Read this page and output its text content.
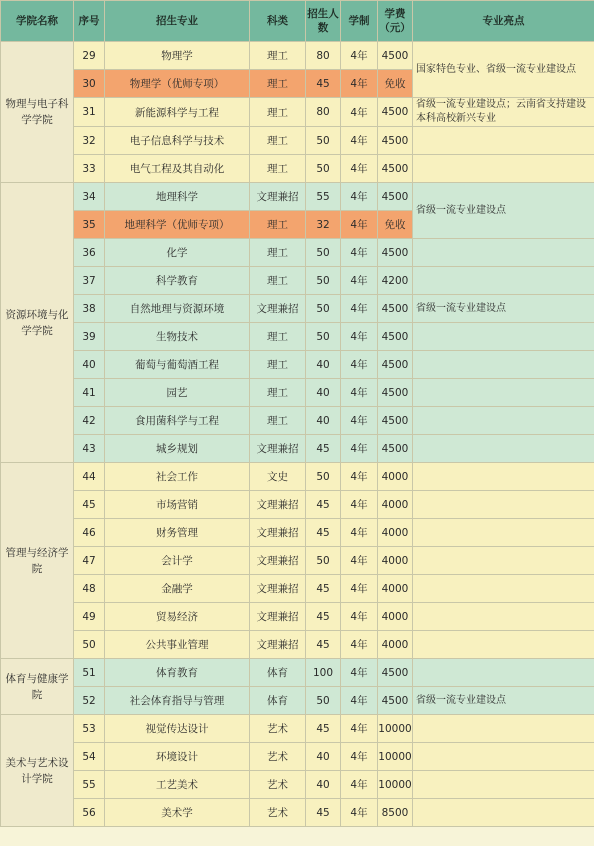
学院名称	序号	招生专业	科类	招生人数	学制	学费（元）	专业亮点
物理与电子科学学院	29	物理学	理工	80	4年	4500	国家特色专业、省级一流专业建设点
	30	物理学（优师专项）	理工	45	4年	免收	
	31	新能源科学与工程	理工	80	4年	4500	省级一流专业建设点；云南省支持建设本科高校新兴专业
	32	电子信息科学与技术	理工	50	4年	4500	
	33	电气工程及其自动化	理工	50	4年	4500	
资源环境与化学学院	34	地理科学	文理兼招	55	4年	4500	省级一流专业建设点
	35	地理科学（优师专项）	理工	32	4年	免收	
	36	化学	理工	50	4年	4500	
	37	科学教育	理工	50	4年	4200	
	38	自然地理与资源环境	文理兼招	50	4年	4500	省级一流专业建设点
	39	生物技术	理工	50	4年	4500	
	40	葡萄与葡萄酒工程	理工	40	4年	4500	
	41	园艺	理工	40	4年	4500	
	42	食用菌科学与工程	理工	40	4年	4500	
	43	城乡规划	文理兼招	45	4年	4500	
管理与经济学院	44	社会工作	文史	50	4年	4000	
	45	市场营销	文理兼招	45	4年	4000	
	46	财务管理	文理兼招	45	4年	4000	
	47	会计学	文理兼招	50	4年	4000	
	48	金融学	文理兼招	45	4年	4000	
	49	贸易经济	文理兼招	45	4年	4000	
	50	公共事业管理	文理兼招	45	4年	4000	
体育与健康学院	51	体育教育	体育	100	4年	4500	
	52	社会体育指导与管理	体育	50	4年	4500	省级一流专业建设点
美术与艺术设计学院	53	视觉传达设计	艺术	45	4年	10000	
	54	环境设计	艺术	40	4年	10000	
	55	工艺美术	艺术	40	4年	10000	
	56	美术学	艺术	45	4年	8500	
